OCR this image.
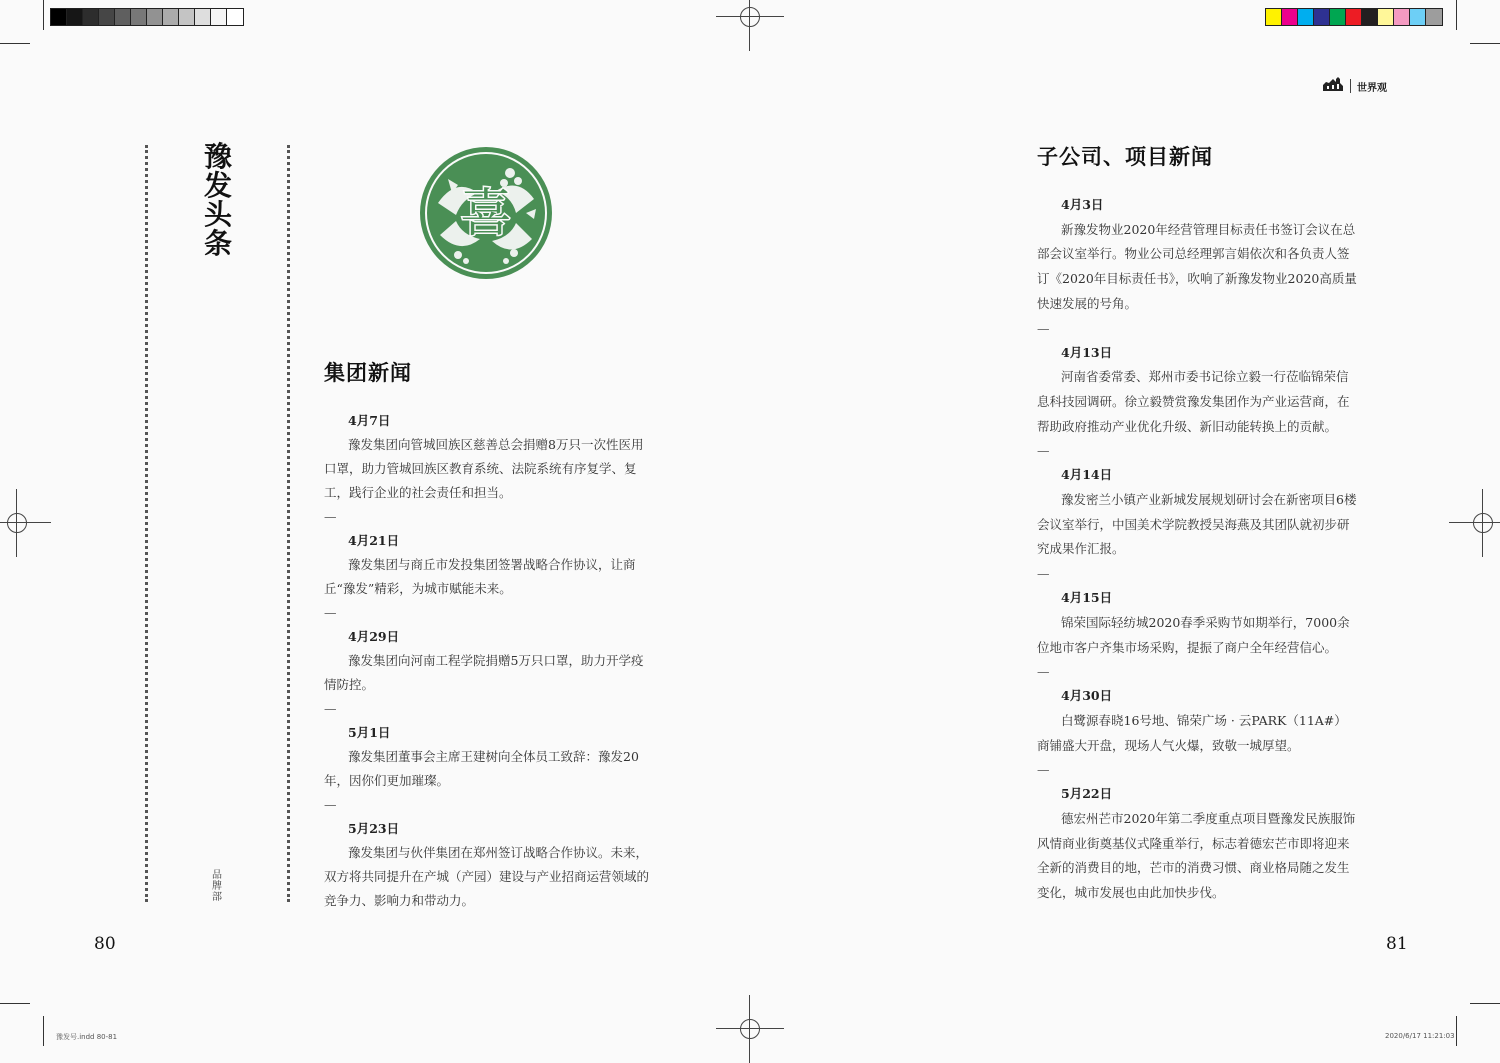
豫
发
头
条
品
牌
部
喜
集团新闻
4月7日
豫发集团向管城回族区慈善总会捐赠8万只一次性医用口罩，助力管城回族区教育系统、法院系统有序复学、复工，践行企业的社会责任和担当。
—
4月21日
豫发集团与商丘市发投集团签署战略合作协议，让商丘“豫发”精彩，为城市赋能未来。
—
4月29日
豫发集团向河南工程学院捐赠5万只口罩，助力开学疫情防控。
—
5月1日
豫发集团董事会主席王建树向全体员工致辞：豫发20年，因你们更加璀璨。
—
5月23日
豫发集团与伙伴集团在郑州签订战略合作协议。未来，双方将共同提升在产城（产园）建设与产业招商运营领域的竞争力、影响力和带动力。
80
豫发号.indd 80-81
世界观
子公司、项目新闻
4月3日
新豫发物业2020年经营管理目标责任书签订会议在总部会议室举行。物业公司总经理郭言娟依次和各负责人签订《2020年目标责任书》，吹响了新豫发物业2020高质量快速发展的号角。
—
4月13日
河南省委常委、郑州市委书记徐立毅一行莅临锦荣信息科技园调研。徐立毅赞赏豫发集团作为产业运营商，在帮助政府推动产业优化升级、新旧动能转换上的贡献。
—
4月14日
豫发密兰小镇产业新城发展规划研讨会在新密项目6楼会议室举行，中国美术学院教授吴海燕及其团队就初步研究成果作汇报。
—
4月15日
锦荣国际轻纺城2020春季采购节如期举行，7000余位地市客户齐集市场采购，提振了商户全年经营信心。
—
4月30日
白鹭源春晓16号地、锦荣广场 · 云PARK（11A#）商铺盛大开盘，现场人气火爆，致敬一城厚望。
—
5月22日
德宏州芒市2020年第二季度重点项目暨豫发民族服饰风情商业街奠基仪式隆重举行，标志着德宏芒市即将迎来全新的消费目的地，芒市的消费习惯、商业格局随之发生变化，城市发展也由此加快步伐。
81
2020/6/17 11:21:03
